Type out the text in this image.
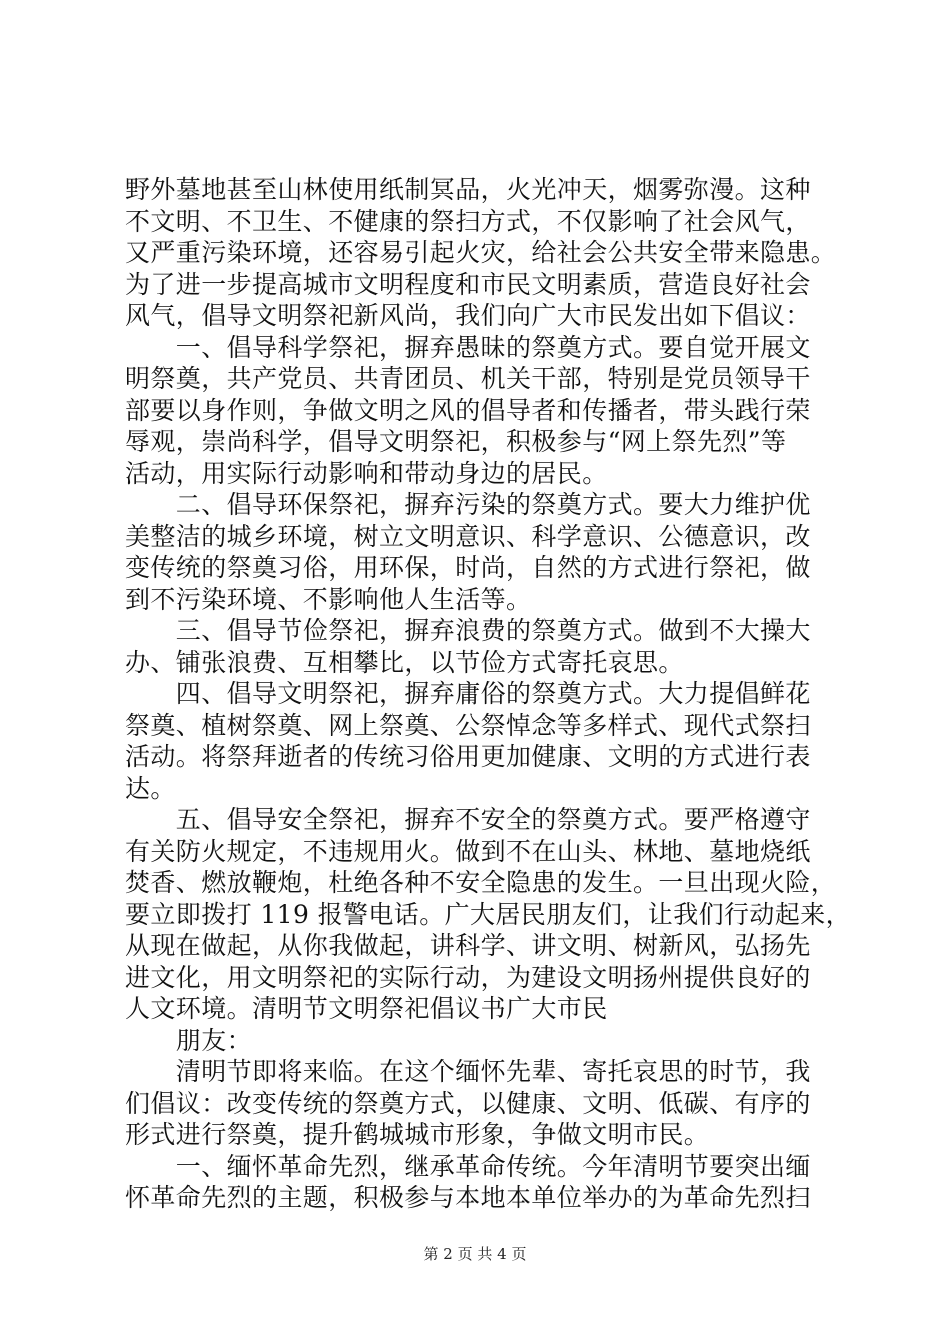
野外墓地甚至山林使用纸制冥品，火光冲天，烟雾弥漫。这种
不文明、不卫生、不健康的祭扫方式，不仅影响了社会风气，
又严重污染环境，还容易引起火灾，给社会公共安全带来隐患。
为了进一步提高城市文明程度和市民文明素质，营造良好社会
风气，倡导文明祭祀新风尚，我们向广大市民发出如下倡议：
　　一、倡导科学祭祀，摒弃愚昧的祭奠方式。要自觉开展文
明祭奠，共产党员、共青团员、机关干部，特别是党员领导干
部要以身作则，争做文明之风的倡导者和传播者，带头践行荣
辱观，崇尚科学，倡导文明祭祀，积极参与“网上祭先烈”等
活动，用实际行动影响和带动身边的居民。
　　二、倡导环保祭祀，摒弃污染的祭奠方式。要大力维护优
美整洁的城乡环境，树立文明意识、科学意识、公德意识，改
变传统的祭奠习俗，用环保，时尚，自然的方式进行祭祀，做
到不污染环境、不影响他人生活等。
　　三、倡导节俭祭祀，摒弃浪费的祭奠方式。做到不大操大
办、铺张浪费、互相攀比，以节俭方式寄托哀思。
　　四、倡导文明祭祀，摒弃庸俗的祭奠方式。大力提倡鲜花
祭奠、植树祭奠、网上祭奠、公祭悼念等多样式、现代式祭扫
活动。将祭拜逝者的传统习俗用更加健康、文明的方式进行表
达。
　　五、倡导安全祭祀，摒弃不安全的祭奠方式。要严格遵守
有关防火规定，不违规用火。做到不在山头、林地、墓地烧纸
焚香、燃放鞭炮，杜绝各种不安全隐患的发生。一旦出现火险，
要立即拨打 119 报警电话。广大居民朋友们，让我们行动起来，
从现在做起，从你我做起，讲科学、讲文明、树新风，弘扬先
进文化，用文明祭祀的实际行动，为建设文明扬州提供良好的
人文环境。清明节文明祭祀倡议书广大市民
　　朋友：
　　清明节即将来临。在这个缅怀先辈、寄托哀思的时节，我
们倡议：改变传统的祭奠方式，以健康、文明、低碳、有序的
形式进行祭奠，提升鹤城城市形象，争做文明市民。
　　一、缅怀革命先烈，继承革命传统。今年清明节要突出缅
怀革命先烈的主题，积极参与本地本单位举办的为革命先烈扫
第 2 页 共 4 页
